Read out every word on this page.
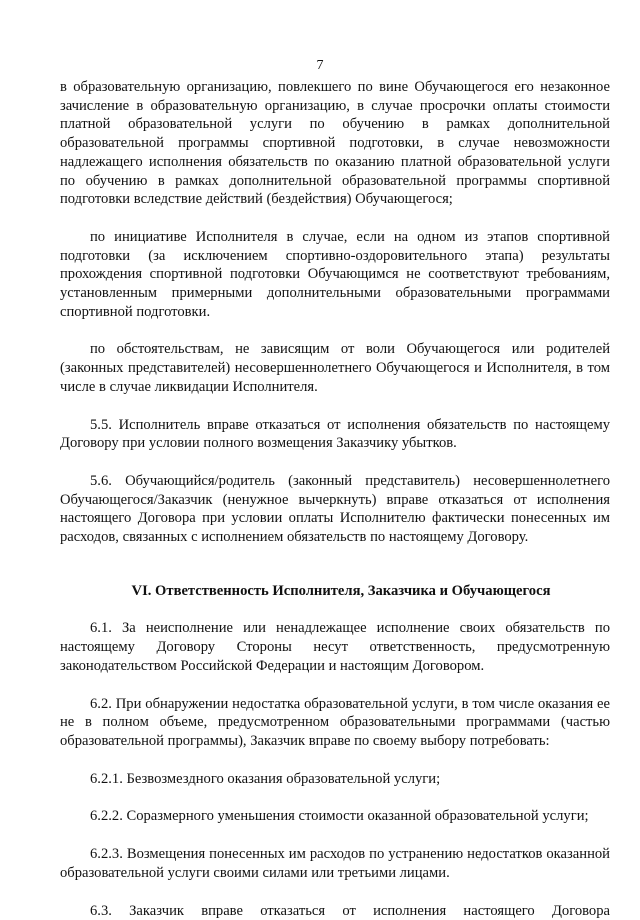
7

в образовательную организацию, повлекшего по вине Обучающегося его незаконное зачисление в образовательную организацию, в случае просрочки оплаты стоимости платной образовательной услуги по обучению в рамках дополнительной образовательной программы спортивной подготовки, в случае невозможности надлежащего исполнения обязательств по оказанию платной образовательной услуги по обучению в рамках дополнительной образовательной программы спортивной подготовки вследствие действий (бездействия) Обучающегося;

по инициативе Исполнителя в случае, если на одном из этапов спортивной подготовки (за исключением спортивно-оздоровительного этапа) результаты прохождения спортивной подготовки Обучающимся не соответствуют требованиям, установленным примерными дополнительными образовательными программами спортивной подготовки.

по обстоятельствам, не зависящим от воли Обучающегося или родителей (законных представителей) несовершеннолетнего Обучающегося и Исполнителя, в том числе в случае ликвидации Исполнителя.

5.5. Исполнитель вправе отказаться от исполнения обязательств по настоящему Договору при условии полного возмещения Заказчику убытков.

5.6. Обучающийся/родитель (законный представитель) несовершеннолетнего Обучающегося/Заказчик (ненужное вычеркнуть) вправе отказаться от исполнения настоящего Договора при условии оплаты Исполнителю фактически понесенных им расходов, связанных с исполнением обязательств по настоящему Договору.

VI. Ответственность Исполнителя, Заказчика и Обучающегося

6.1. За неисполнение или ненадлежащее исполнение своих обязательств по настоящему Договору Стороны несут ответственность, предусмотренную законодательством Российской Федерации и настоящим Договором.

6.2. При обнаружении недостатка образовательной услуги, в том числе оказания ее не в полном объеме, предусмотренном образовательными программами (частью образовательной программы), Заказчик вправе по своему выбору потребовать:

6.2.1. Безвозмездного оказания образовательной услуги;

6.2.2. Соразмерного уменьшения стоимости оказанной образовательной услуги;

6.2.3. Возмещения понесенных им расходов по устранению недостатков оказанной образовательной услуги своими силами или третьими лицами.

6.3. Заказчик вправе отказаться от исполнения настоящего Договора
